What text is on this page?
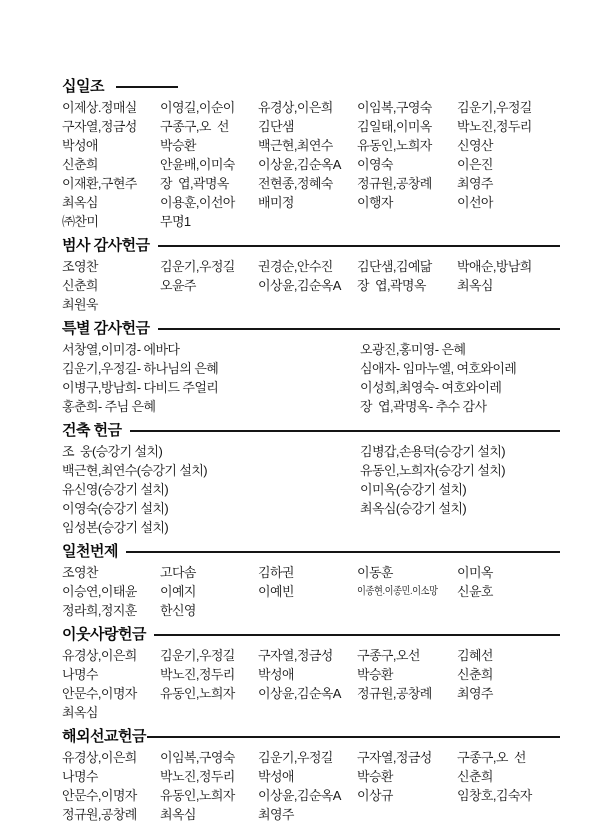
십일조
이제상.정매실	이영길,이순이	유경상,이은희	이임복,구영숙	김운기,우정길
구자열,정금성	구종구,오  선	김단샘	김일태,이미옥	박노진,정두리
박성애	박승환	백근현,최연수	유동인,노희자	신영산
신춘희	안윤배,이미숙	이상윤,김순옥A	이영숙	이은진
이재환,구현주	장  엽,곽명옥	전현종,정혜숙	정규원,공창례	최영주
최옥심	이용훈,이선아	배미정	이행자	이선아
㈜찬미	무명1
범사 감사헌금
조영찬	김운기,우정길	권경순,안수진	김단샘,김예닮	박애순,방남희
신춘희	오윤주	이상윤,김순옥A	장  엽,곽명옥	최옥심
최원욱
특별 감사헌금
서창열,이미경- 에바다	오광진,홍미영- 은혜
김운기,우정길- 하나님의 은혜	심애자- 임마누엘, 여호와이레
이병구,방남희- 다비드 주얼리	이성희,최영숙- 여호와이레
홍춘희- 주님 은혜	장  엽,곽명옥- 추수 감사
건축 헌금
조  웅(승강기 설치)	김병갑,손용덕(승강기 설치)
백근현,최연수(승강기 설치)	유동인,노희자(승강기 설치)
유신영(승강기 설치)	이미옥(승강기 설치)
이영숙(승강기 설치)	최옥심(승강기 설치)
임성본(승강기 설치)
일천번제
조영찬	고다솜	김하권	이동훈	이미옥
이승연,이태윤	이예지	이예빈	이종현.이종민.이소망	신윤호
정라희,정지훈	한신영
이웃사랑헌금
유경상,이은희	김운기,우정길	구자열,정금성	구종구,오선	김혜선
나명수	박노진,정두리	박성애	박승환	신춘희
안문수,이명자	유동인,노희자	이상윤,김순옥A	정규원,공창례	최영주
최옥심
해외선교헌금
유경상,이은희	이임복,구영숙	김운기,우정길	구자열,정금성	구종구,오  선
나명수	박노진,정두리	박성애	박승환	신춘희
안문수,이명자	유동인,노희자	이상윤,김순옥A	이상규	임창호,김숙자
정규원,공창례	최옥심	최영주
